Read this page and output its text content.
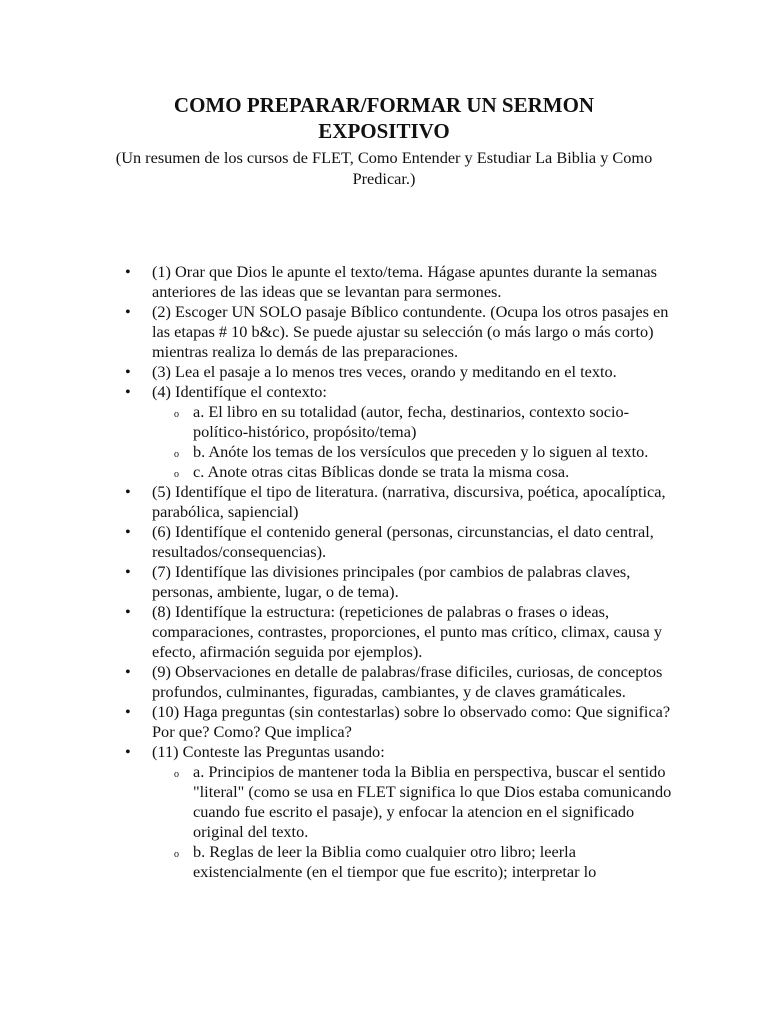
COMO PREPARAR/FORMAR UN SERMON
EXPOSITIVO
(Un resumen de los cursos de FLET, Como Entender y Estudiar La Biblia y Como Predicar.)
• (1) Orar que Dios le apunte el texto/tema. Hágase apuntes durante la semanas anteriores de las ideas que se levantan para sermones.
• (2) Escoger UN SOLO pasaje Bíblico contundente. (Ocupa los otros pasajes en las etapas # 10 b&c). Se puede ajustar su selección (o más largo o más corto) mientras realiza lo demás de las preparaciones.
• (3) Lea el pasaje a lo menos tres veces, orando y meditando en el texto.
• (4) Identifíque el contexto:
o a. El libro en su totalidad (autor, fecha, destinarios, contexto socio-político-histórico, propósito/tema)
o b. Anóte los temas de los versículos que preceden y lo siguen al texto.
o c. Anote otras citas Bíblicas donde se trata la misma cosa.
• (5) Identifíque el tipo de literatura. (narrativa, discursiva, poética, apocalíptica, parabólica, sapiencial)
• (6) Identifíque el contenido general (personas, circunstancias, el dato central, resultados/consequencias).
• (7) Identifíque las divisiones principales (por cambios de palabras claves, personas, ambiente, lugar, o de tema).
• (8) Identifíque la estructura: (repeticiones de palabras o frases o ideas, comparaciones, contrastes, proporciones, el punto mas crítico, climax, causa y efecto, afirmación seguida por ejemplos).
• (9) Observaciones en detalle de palabras/frase dificiles, curiosas, de conceptos profundos, culminantes, figuradas, cambiantes, y de claves gramáticales.
• (10) Haga preguntas (sin contestarlas) sobre lo observado como: Que significa? Por que? Como? Que implica?
• (11) Conteste las Preguntas usando:
o a. Principios de mantener toda la Biblia en perspectiva, buscar el sentido "literal" (como se usa en FLET significa lo que Dios estaba comunicando cuando fue escrito el pasaje), y enfocar la atencion en el significado original del texto.
o b. Reglas de leer la Biblia como cualquier otro libro; leerla existencialmente (en el tiempor que fue escrito); interpretar lo
